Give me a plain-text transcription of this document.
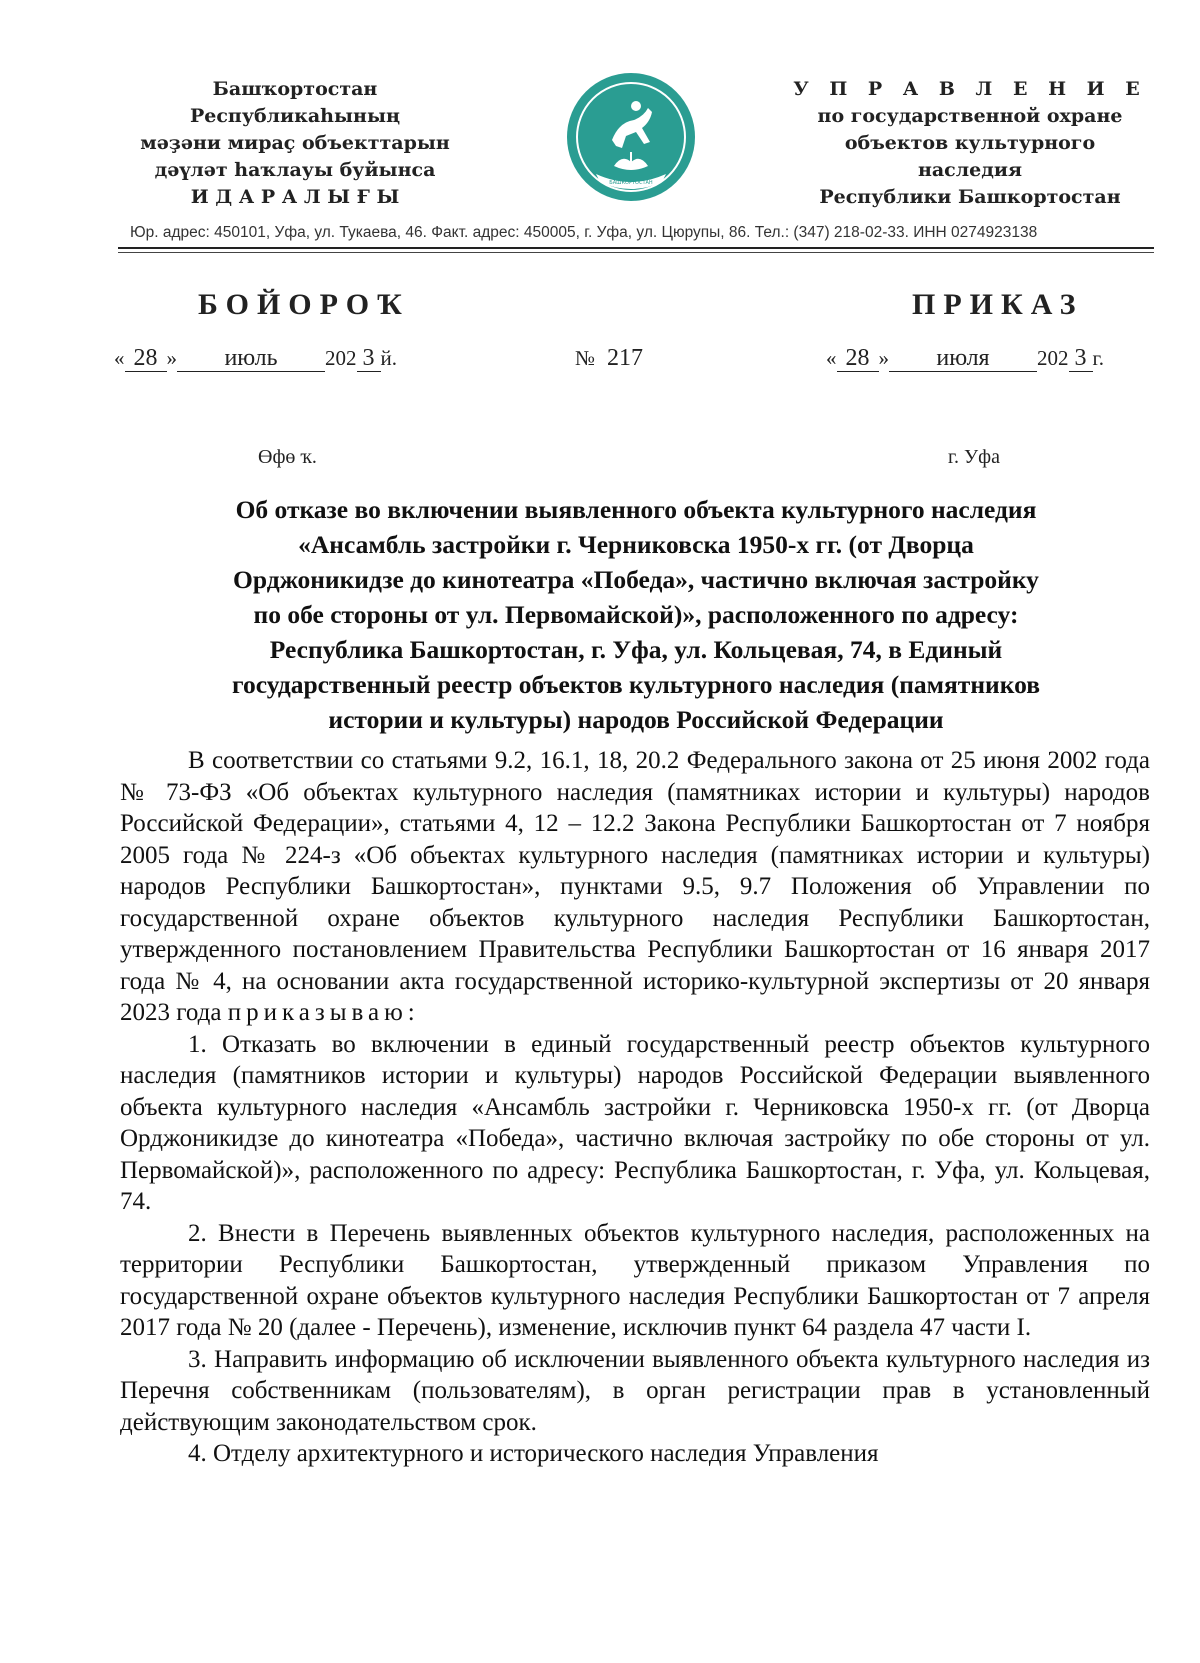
Башҡортостан Республикаһының
мәҙәни мираҫ объекттарын
дәүләт һаҡлауы буйынса
И Д А Р А Л Ы Ғ Ы
БАШКОРТОСТАН
У П Р А В Л Е Н И Е
по государственной охране
объектов культурного наследия
Республики Башкортостан
Юр. адрес: 450101, Уфа, ул. Тукаева, 46. Факт. адрес: 450005, г. Уфа, ул. Цюрупы, 86. Тел.: (347) 218-02-33. ИНН 0274923138
БОЙОРОҠ	ПРИКАЗ
« 28 » июль 202 3 й.	№ 217	« 28 » июля 202 3 г.
Өфө ҡ.	г. Уфа
Об отказе во включении выявленного объекта культурного наследия
«Ансамбль застройки г. Черниковска 1950-х гг. (от Дворца
Орджоникидзе до кинотеатра «Победа», частично включая застройку
по обе стороны от ул. Первомайской)», расположенного по адресу:
Республика Башкортостан, г. Уфа, ул. Кольцевая, 74, в Единый
государственный реестр объектов культурного наследия (памятников
истории и культуры) народов Российской Федерации

В соответствии со статьями 9.2, 16.1, 18, 20.2 Федерального закона от 25 июня 2002 года № 73-ФЗ «Об объектах культурного наследия (памятниках истории и культуры) народов Российской Федерации», статьями 4, 12 – 12.2 Закона Республики Башкортостан от 7 ноября 2005 года № 224-з «Об объектах культурного наследия (памятниках истории и культуры) народов Республики Башкортостан», пунктами 9.5, 9.7 Положения об Управлении по государственной охране объектов культурного наследия Республики Башкортостан, утвержденного постановлением Правительства Республики Башкортостан от 16 января 2017 года № 4, на основании акта государственной историко-культурной экспертизы от 20 января 2023 года приказываю:

1. Отказать во включении в единый государственный реестр объектов культурного наследия (памятников истории и культуры) народов Российской Федерации выявленного объекта культурного наследия «Ансамбль застройки г. Черниковска 1950-х гг. (от Дворца Орджоникидзе до кинотеатра «Победа», частично включая застройку по обе стороны от ул. Первомайской)», расположенного по адресу: Республика Башкортостан, г. Уфа, ул. Кольцевая, 74.

2. Внести в Перечень выявленных объектов культурного наследия, расположенных на территории Республики Башкортостан, утвержденный приказом Управления по государственной охране объектов культурного наследия Республики Башкортостан от 7 апреля 2017 года № 20 (далее - Перечень), изменение, исключив пункт 64 раздела 47 части I.

3. Направить информацию об исключении выявленного объекта культурного наследия из Перечня собственникам (пользователям), в орган регистрации прав в установленный действующим законодательством срок.

4. Отделу архитектурного и исторического наследия Управления
